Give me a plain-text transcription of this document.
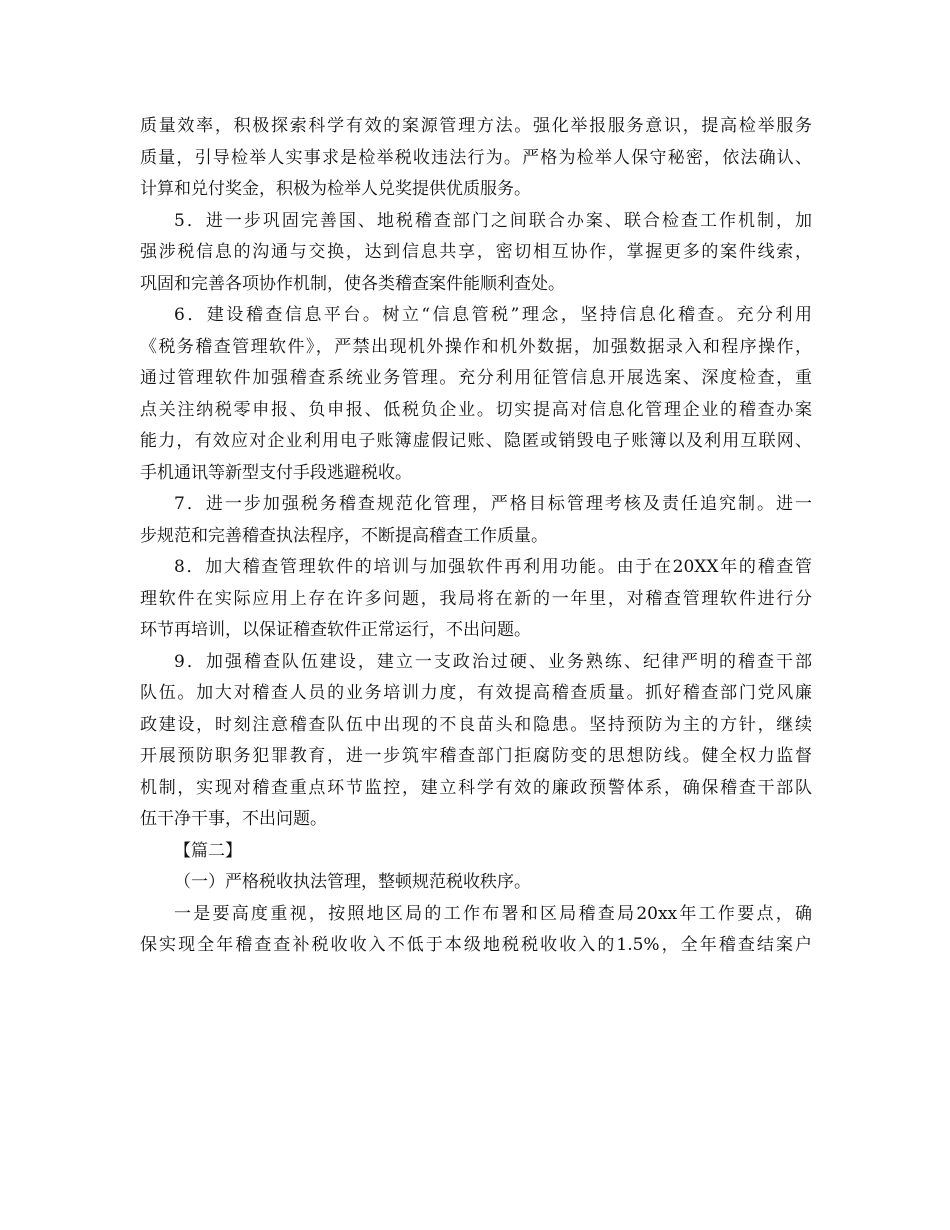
质量效率，积极探索科学有效的案源管理方法。强化举报服务意识，提高检举服务
质量，引导检举人实事求是检举税收违法行为。严格为检举人保守秘密，依法确认、
计算和兑付奖金，积极为检举人兑奖提供优质服务。
5．进一步巩固完善国、地税稽查部门之间联合办案、联合检查工作机制，加
强涉税信息的沟通与交换，达到信息共享，密切相互协作，掌握更多的案件线索，
巩固和完善各项协作机制，使各类稽查案件能顺利查处。
6．建设稽查信息平台。树立“信息管税”理念，坚持信息化稽查。充分利用
《税务稽查管理软件》，严禁出现机外操作和机外数据，加强数据录入和程序操作，
通过管理软件加强稽查系统业务管理。充分利用征管信息开展选案、深度检查，重
点关注纳税零申报、负申报、低税负企业。切实提高对信息化管理企业的稽查办案
能力，有效应对企业利用电子账簿虚假记账、隐匿或销毁电子账簿以及利用互联网、
手机通讯等新型支付手段逃避税收。
7．进一步加强税务稽查规范化管理，严格目标管理考核及责任追究制。进一
步规范和完善稽查执法程序，不断提高稽查工作质量。
8．加大稽查管理软件的培训与加强软件再利用功能。由于在20XX年的稽查管
理软件在实际应用上存在许多问题，我局将在新的一年里，对稽查管理软件进行分
环节再培训，以保证稽查软件正常运行，不出问题。
9．加强稽查队伍建设，建立一支政治过硬、业务熟练、纪律严明的稽查干部
队伍。加大对稽查人员的业务培训力度，有效提高稽查质量。抓好稽查部门党风廉
政建设，时刻注意稽查队伍中出现的不良苗头和隐患。坚持预防为主的方针，继续
开展预防职务犯罪教育，进一步筑牢稽查部门拒腐防变的思想防线。健全权力监督
机制，实现对稽查重点环节监控，建立科学有效的廉政预警体系，确保稽查干部队
伍干净干事，不出问题。
【篇二】
（一）严格税收执法管理，整顿规范税收秩序。
一是要高度重视，按照地区局的工作布署和区局稽查局20xx年工作要点，确
保实现全年稽查查补税收收入不低于本级地税税收收入的1.5%，全年稽查结案户
